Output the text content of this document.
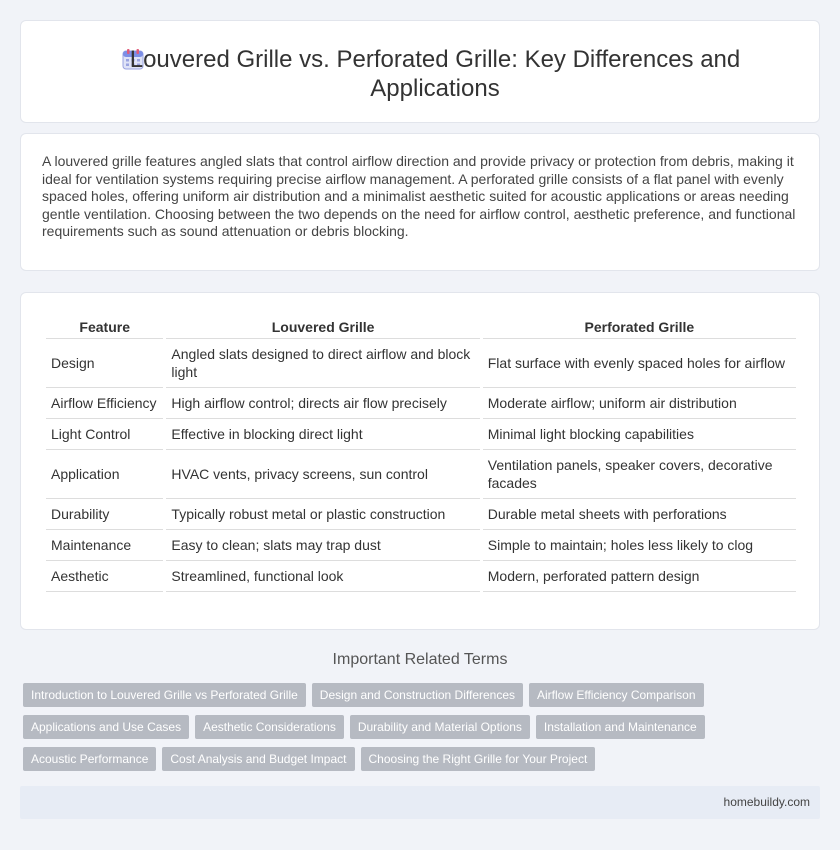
Louvered Grille vs. Perforated Grille: Key Differences and Applications

A louvered grille features angled slats that control airflow direction and provide privacy or protection from debris, making it ideal for ventilation systems requiring precise airflow management. A perforated grille consists of a flat panel with evenly spaced holes, offering uniform air distribution and a minimalist aesthetic suited for acoustic applications or areas needing gentle ventilation. Choosing between the two depends on the need for airflow control, aesthetic preference, and functional requirements such as sound attenuation or debris blocking.

Feature	Louvered Grille	Perforated Grille
Design	Angled slats designed to direct airflow and block light	Flat surface with evenly spaced holes for airflow
Airflow Efficiency	High airflow control; directs air flow precisely	Moderate airflow; uniform air distribution
Light Control	Effective in blocking direct light	Minimal light blocking capabilities
Application	HVAC vents, privacy screens, sun control	Ventilation panels, speaker covers, decorative facades
Durability	Typically robust metal or plastic construction	Durable metal sheets with perforations
Maintenance	Easy to clean; slats may trap dust	Simple to maintain; holes less likely to clog
Aesthetic	Streamlined, functional look	Modern, perforated pattern design
Important Related Terms
Introduction to Louvered Grille vs Perforated Grille	Design and Construction Differences	Airflow Efficiency Comparison
Applications and Use Cases	Aesthetic Considerations	Durability and Material Options	Installation and Maintenance
Acoustic Performance	Cost Analysis and Budget Impact	Choosing the Right Grille for Your Project
homebuildy.com
